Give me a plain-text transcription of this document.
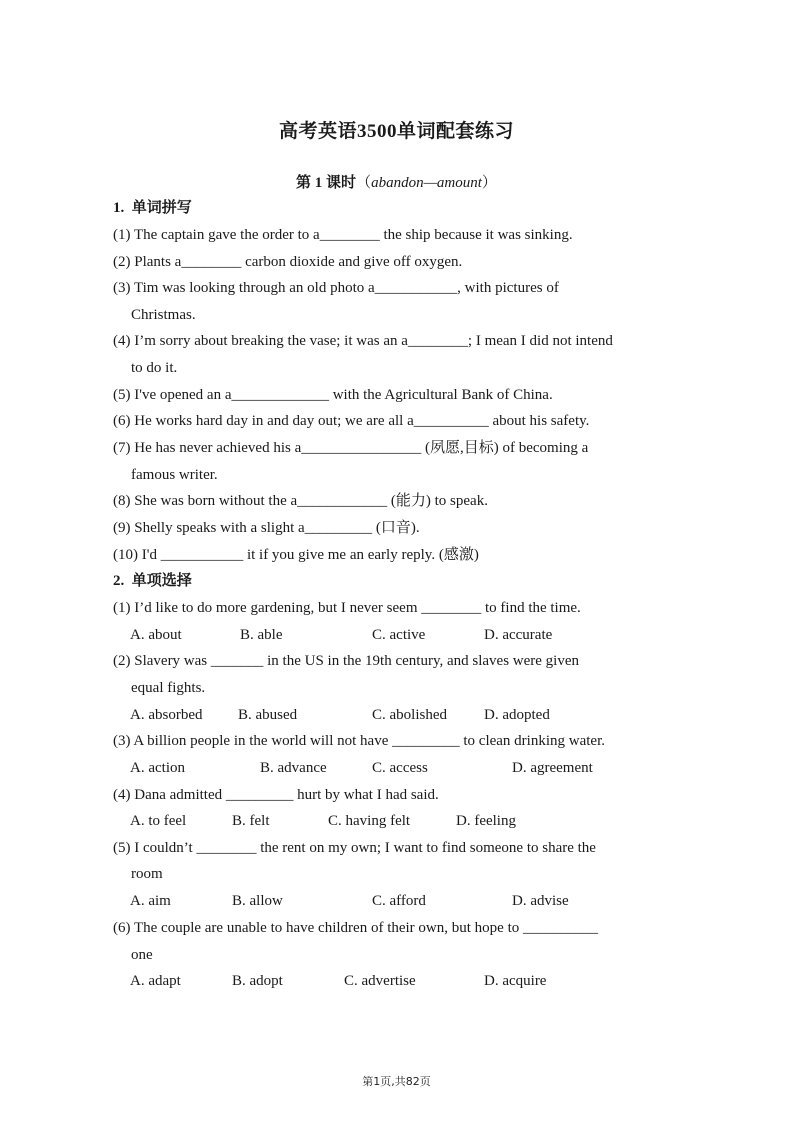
高考英语3500单词配套练习
第 1 课时（abandon—amount）
1.  单词拼写
(1) The captain gave the order to a________ the ship because it was sinking.
(2) Plants a________ carbon dioxide and give off oxygen.
(3) Tim was looking through an old photo a___________, with pictures of
Christmas.
(4) I’m sorry about breaking the vase; it was an a________; I mean I did not intend
to do it.
(5) I've opened an a_____________ with the Agricultural Bank of China.
(6) He works hard day in and day out; we are all a__________ about his safety.
(7) He has never achieved his a________________ (夙愿,目标) of becoming a
famous writer.
(8) She was born without the a____________ (能力) to speak.
(9) Shelly speaks with a slight a_________ (口音).
(10) I'd ___________ it if you give me an early reply. (感激)
2.  单项选择
(1) I’d like to do more gardening, but I never seem ________ to find the time.
A. about	B. able	C. active	D. accurate
(2) Slavery was _______ in the US in the 19th century, and slaves were given
equal fights.
A. absorbed B. abused	C. abolished D. adopted
(3) A billion people in the world will not have _________ to clean drinking water.
A. action	B. advance	C. access	D. agreement
(4) Dana admitted _________ hurt by what I had said.
A. to feel	B. felt	C. having felt	D. feeling
(5) I couldn’t ________ the rent on my own; I want to find someone to share the
room
A. aim	B. allow	C. afford	D. advise
(6) The couple are unable to have children of their own, but hope to __________
one
A. adapt	B. adopt	C. advertise	D. acquire
第1页,共82页
